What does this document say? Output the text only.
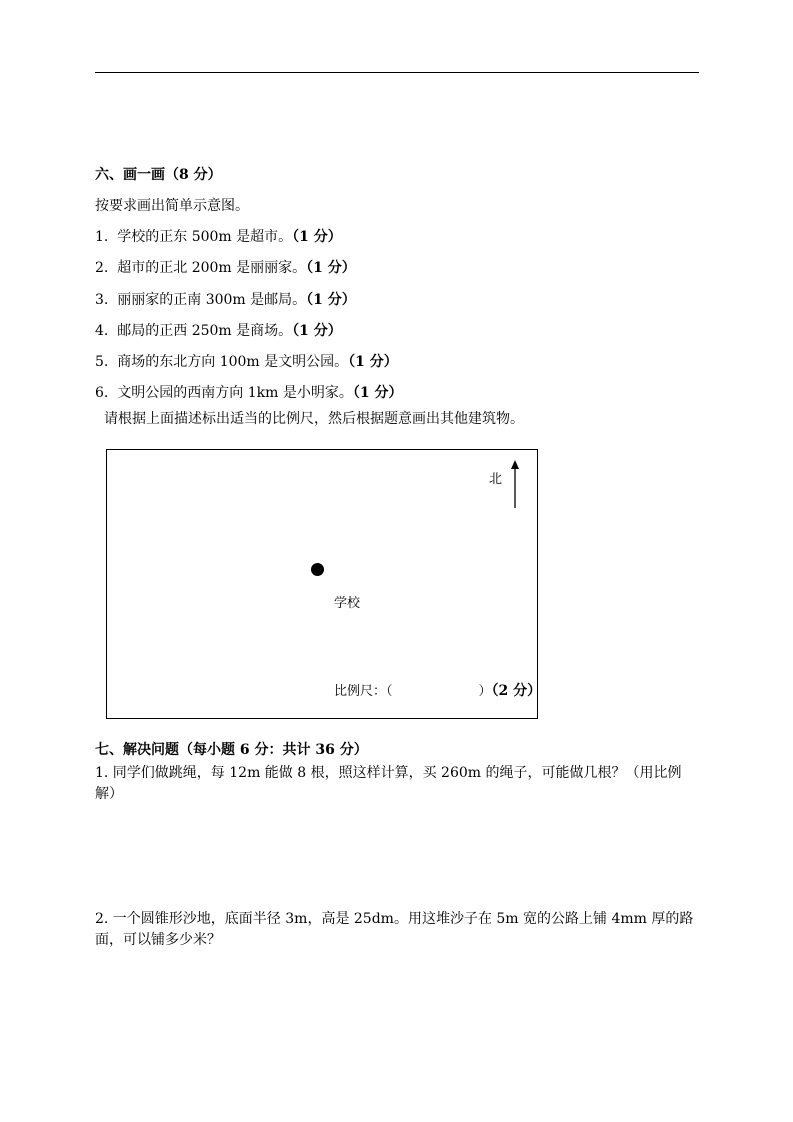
六、画一画（8 分）
按要求画出简单示意图。
1. 学校的正东 500m 是超市。（1 分）
2. 超市的正北 200m 是丽丽家。（1 分）
3. 丽丽家的正南 300m 是邮局。（1 分）
4. 邮局的正西 250m 是商场。（1 分）
5. 商场的东北方向 100m 是文明公园。（1 分）
6. 文明公园的西南方向 1km 是小明家。（1 分）
请根据上面描述标出适当的比例尺，然后根据题意画出其他建筑物。
北
学校
比例尺：（	）（2 分）
七、解决问题（每小题 6 分：共计 36 分）
1. 同学们做跳绳，每 12m 能做 8 根，照这样计算，买 260m 的绳子，可能做几根？（用比例解）
2. 一个圆锥形沙地，底面半径 3m，高是 25dm。用这堆沙子在 5m 宽的公路上铺 4mm 厚的路面，可以铺多少米？
